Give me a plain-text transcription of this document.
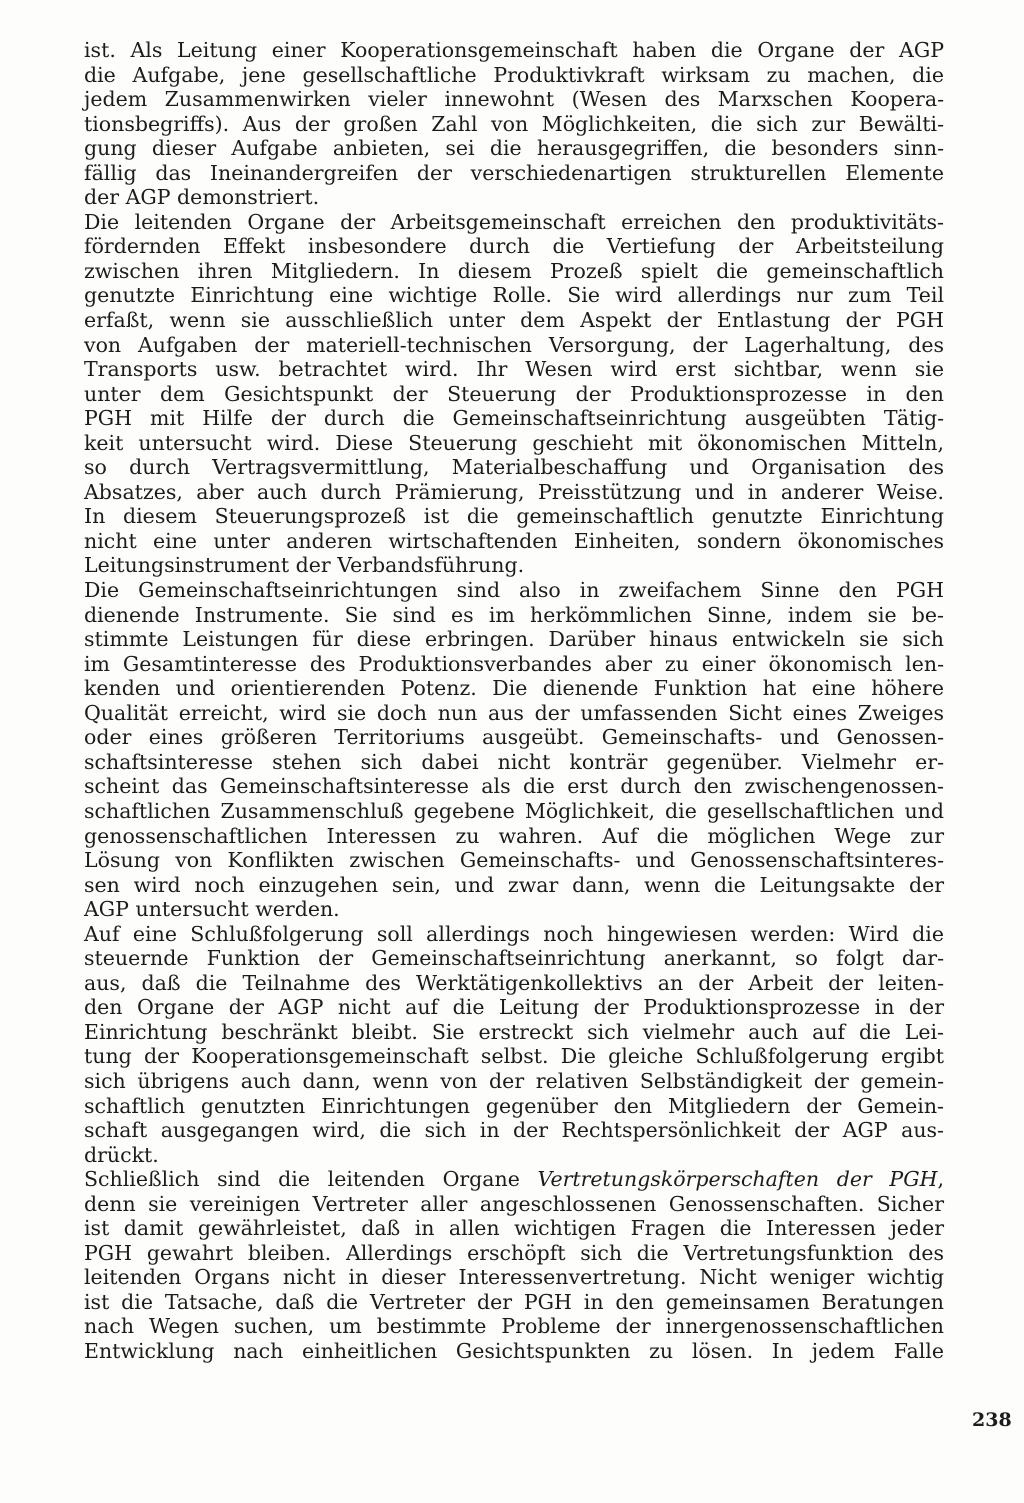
ist. Als Leitung einer Kooperationsgemeinschaft haben die Organe der AGP
die Aufgabe, jene gesellschaftliche Produktivkraft wirksam zu machen, die
jedem Zusammenwirken vieler innewohnt (Wesen des Marxschen Koopera-
tionsbegriffs). Aus der großen Zahl von Möglichkeiten, die sich zur Bewälti-
gung dieser Aufgabe anbieten, sei die herausgegriffen, die besonders sinn-
fällig das Ineinandergreifen der verschiedenartigen strukturellen Elemente
der AGP demonstriert.
Die leitenden Organe der Arbeitsgemeinschaft erreichen den produktivitäts-
fördernden Effekt insbesondere durch die Vertiefung der Arbeitsteilung
zwischen ihren Mitgliedern. In diesem Prozeß spielt die gemeinschaftlich
genutzte Einrichtung eine wichtige Rolle. Sie wird allerdings nur zum Teil
erfaßt, wenn sie ausschließlich unter dem Aspekt der Entlastung der PGH
von Aufgaben der materiell-technischen Versorgung, der Lagerhaltung, des
Transports usw. betrachtet wird. Ihr Wesen wird erst sichtbar, wenn sie
unter dem Gesichtspunkt der Steuerung der Produktionsprozesse in den
PGH mit Hilfe der durch die Gemeinschaftseinrichtung ausgeübten Tätig-
keit untersucht wird. Diese Steuerung geschieht mit ökonomischen Mitteln,
so durch Vertragsvermittlung, Materialbeschaffung und Organisation des
Absatzes, aber auch durch Prämierung, Preisstützung und in anderer Weise.
In diesem Steuerungsprozeß ist die gemeinschaftlich genutzte Einrichtung
nicht eine unter anderen wirtschaftenden Einheiten, sondern ökonomisches
Leitungsinstrument der Verbandsführung.
Die Gemeinschaftseinrichtungen sind also in zweifachem Sinne den PGH
dienende Instrumente. Sie sind es im herkömmlichen Sinne, indem sie be-
stimmte Leistungen für diese erbringen. Darüber hinaus entwickeln sie sich
im Gesamtinteresse des Produktionsverbandes aber zu einer ökonomisch len-
kenden und orientierenden Potenz. Die dienende Funktion hat eine höhere
Qualität erreicht, wird sie doch nun aus der umfassenden Sicht eines Zweiges
oder eines größeren Territoriums ausgeübt. Gemeinschafts- und Genossen-
schaftsinteresse stehen sich dabei nicht konträr gegenüber. Vielmehr er-
scheint das Gemeinschaftsinteresse als die erst durch den zwischengenossen-
schaftlichen Zusammenschluß gegebene Möglichkeit, die gesellschaftlichen und
genossenschaftlichen Interessen zu wahren. Auf die möglichen Wege zur
Lösung von Konflikten zwischen Gemeinschafts- und Genossenschaftsinteres-
sen wird noch einzugehen sein, und zwar dann, wenn die Leitungsakte der
AGP untersucht werden.
Auf eine Schlußfolgerung soll allerdings noch hingewiesen werden: Wird die
steuernde Funktion der Gemeinschaftseinrichtung anerkannt, so folgt dar-
aus, daß die Teilnahme des Werktätigenkollektivs an der Arbeit der leiten-
den Organe der AGP nicht auf die Leitung der Produktionsprozesse in der
Einrichtung beschränkt bleibt. Sie erstreckt sich vielmehr auch auf die Lei-
tung der Kooperationsgemeinschaft selbst. Die gleiche Schlußfolgerung ergibt
sich übrigens auch dann, wenn von der relativen Selbständigkeit der gemein-
schaftlich genutzten Einrichtungen gegenüber den Mitgliedern der Gemein-
schaft ausgegangen wird, die sich in der Rechtspersönlichkeit der AGP aus-
drückt.
Schließlich sind die leitenden Organe Vertretungskörperschaften der PGH,
denn sie vereinigen Vertreter aller angeschlossenen Genossenschaften. Sicher
ist damit gewährleistet, daß in allen wichtigen Fragen die Interessen jeder
PGH gewahrt bleiben. Allerdings erschöpft sich die Vertretungsfunktion des
leitenden Organs nicht in dieser Interessenvertretung. Nicht weniger wichtig
ist die Tatsache, daß die Vertreter der PGH in den gemeinsamen Beratungen
nach Wegen suchen, um bestimmte Probleme der innergenossenschaftlichen
Entwicklung nach einheitlichen Gesichtspunkten zu lösen. In jedem Falle
238
